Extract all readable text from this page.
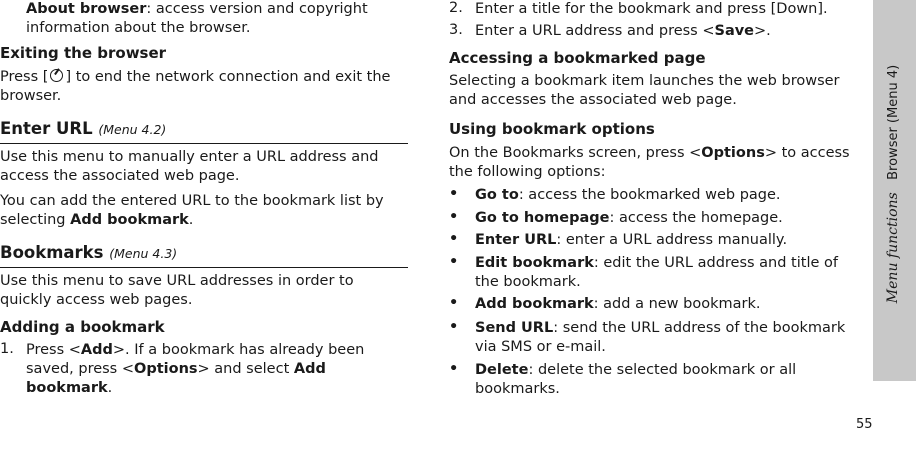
About browser: access version and copyright information about the browser.

Exiting the browser

Press [ ] to end the network connection and exit the browser.

Enter URL (Menu 4.2)

Use this menu to manually enter a URL address and access the associated web page.

You can add the entered URL to the bookmark list by selecting Add bookmark.

Bookmarks (Menu 4.3)

Use this menu to save URL addresses in order to quickly access web pages.

Adding a bookmark

1. Press <Add>. If a bookmark has already been saved, press <Options> and select Add bookmark.

2. Enter a title for the bookmark and press [Down].

3. Enter a URL address and press <Save>.

Accessing a bookmarked page

Selecting a bookmark item launches the web browser and accesses the associated web page.

Using bookmark options

On the Bookmarks screen, press <Options> to access the following options:

•	Go to: access the bookmarked web page.

•	Go to homepage: access the homepage.

•	Enter URL: enter a URL address manually.

•	Edit bookmark: edit the URL address and title of the bookmark.

•	Add bookmark: add a new bookmark.

•	Send URL: send the URL address of the bookmark via SMS or e-mail.

•	Delete: delete the selected bookmark or all bookmarks.

Menu functions   Browser (Menu 4)
55
